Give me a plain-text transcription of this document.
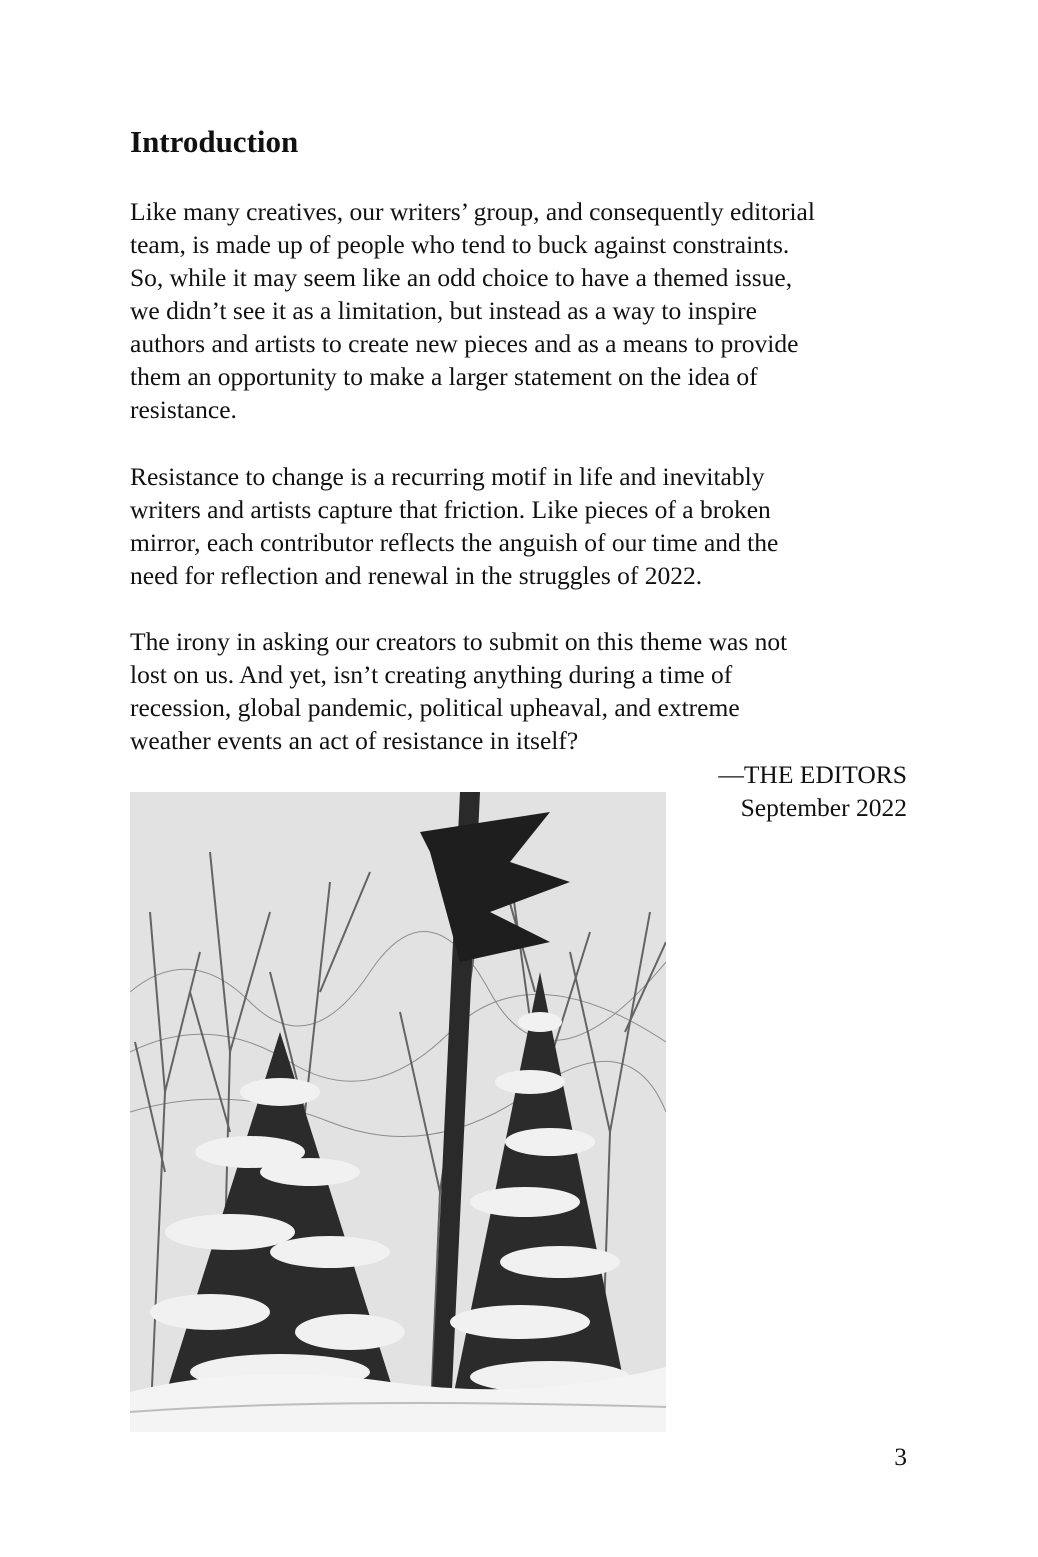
Introduction

Like many creatives, our writers’ group, and consequently editorial
team, is made up of people who tend to buck against constraints.
So, while it may seem like an odd choice to have a themed issue,
we didn’t see it as a limitation, but instead as a way to inspire
authors and artists to create new pieces and as a means to provide
them an opportunity to make a larger statement on the idea of
resistance.

Resistance to change is a recurring motif in life and inevitably
writers and artists capture that friction. Like pieces of a broken
mirror, each contributor reflects the anguish of our time and the
need for reflection and renewal in the struggles of 2022.

The irony in asking our creators to submit on this theme was not
lost on us. And yet, isn’t creating anything during a time of
recession, global pandemic, political upheaval, and extreme
weather events an act of resistance in itself?

—THE EDITORS
September 2022
3
